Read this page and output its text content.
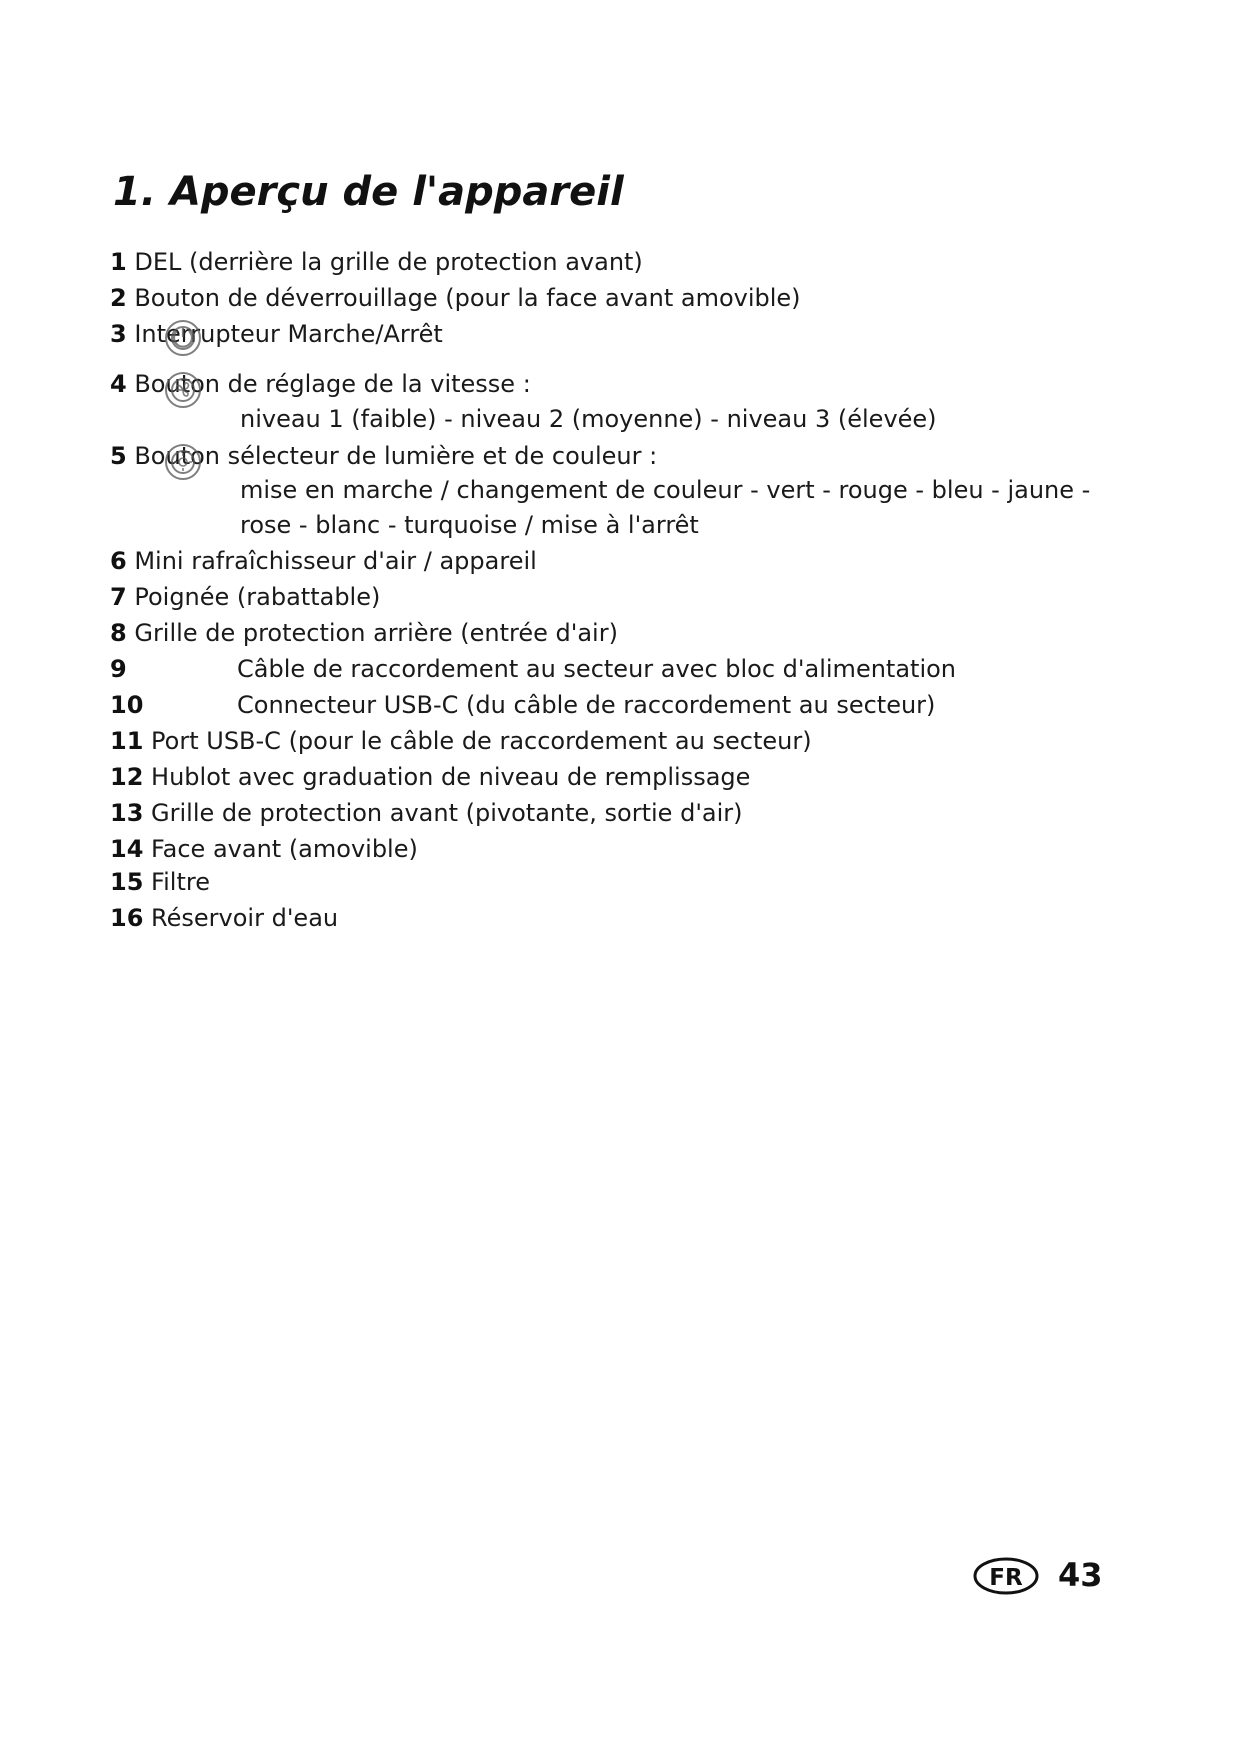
1. Aperçu de l'appareil
1 DEL (derrière la grille de protection avant)
2 Bouton de déverrouillage (pour la face avant amovible)
3 Interrupteur Marche/Arrêt
4 Bouton de réglage de la vitesse :
niveau 1 (faible) - niveau 2 (moyenne) - niveau 3 (élevée)
5 Bouton sélecteur de lumière et de couleur :
mise en marche / changement de couleur - vert - rouge - bleu - jaune -
rose - blanc - turquoise / mise à l'arrêt
6 Mini rafraîchisseur d'air / appareil
7 Poignée (rabattable)
8 Grille de protection arrière (entrée d'air)
9	Câble de raccordement au secteur avec bloc d'alimentation
10	Connecteur USB-C (du câble de raccordement au secteur)
11 Port USB-C (pour le câble de raccordement au secteur)
12 Hublot avec graduation de niveau de remplissage
13 Grille de protection avant (pivotante, sortie d'air)
14 Face avant (amovible)
15 Filtre
16 Réservoir d'eau
FR 43
